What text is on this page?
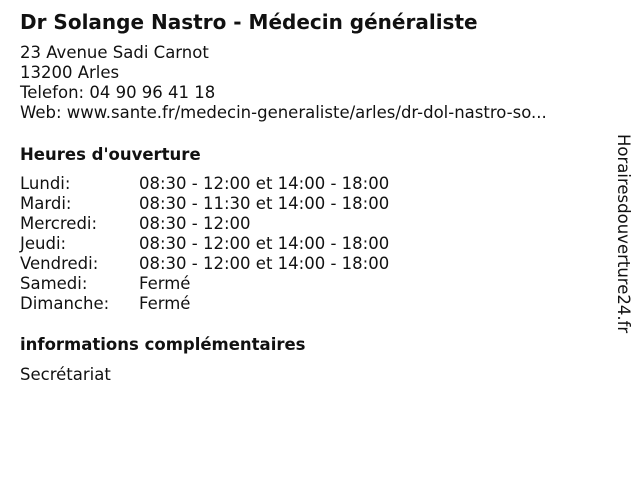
Dr Solange Nastro - Médecin généraliste
23 Avenue Sadi Carnot
13200 Arles
Telefon: 04 90 96 41 18
Web: www.sante.fr/medecin-generaliste/arles/dr-dol-nastro-so...
Heures d'ouverture
Lundi:	08:30 - 12:00 et 14:00 - 18:00
Mardi:	08:30 - 11:30 et 14:00 - 18:00
Mercredi:	08:30 - 12:00
Jeudi:	08:30 - 12:00 et 14:00 - 18:00
Vendredi: 08:30 - 12:00 et 14:00 - 18:00
Samedi:	Fermé
Dimanche: Fermé
informations complémentaires
Secrétariat
Horairesdouverture24.fr
